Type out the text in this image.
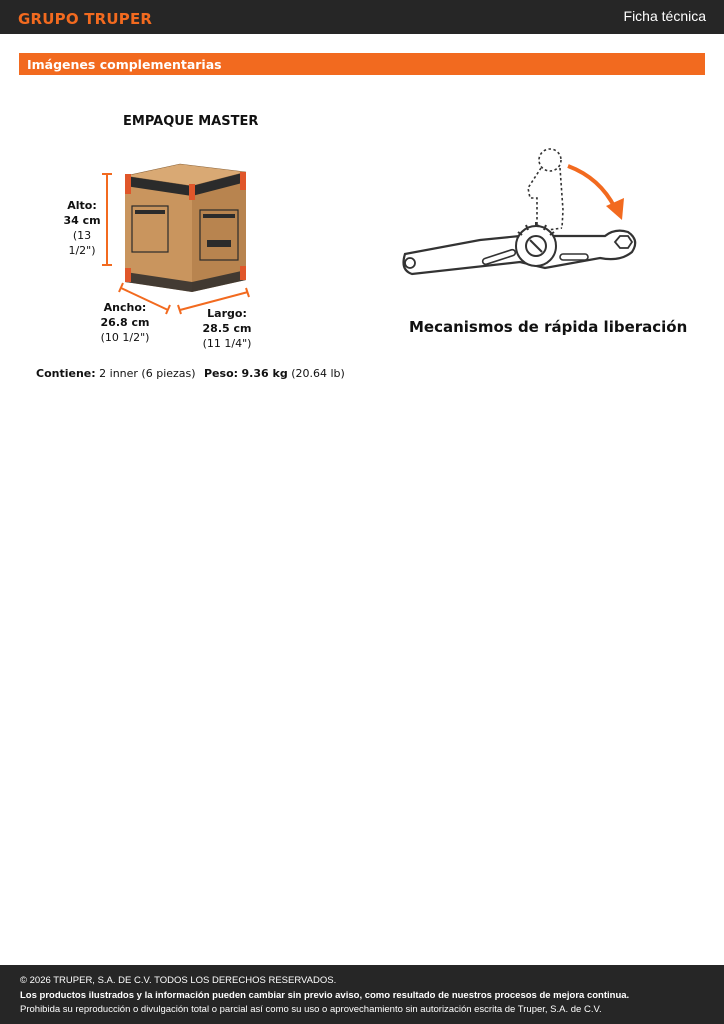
GRUPO TRUPER	Ficha técnica
Imágenes complementarias
EMPAQUE MASTER
Alto:
34 cm
(13 1/2")
Ancho:
26.8 cm
(10 1/2")
Largo:
28.5 cm
(11 1/4")
Contiene: 2 inner (6 piezas) Peso: 9.36 kg (20.64 lb)
Mecanismos de rápida liberación
© 2026 TRUPER, S.A. DE C.V. TODOS LOS DERECHOS RESERVADOS.
Los productos ilustrados y la información pueden cambiar sin previo aviso, como resultado de nuestros procesos de mejora continua.
Prohibida su reproducción o divulgación total o parcial así como su uso o aprovechamiento sin autorización escrita de Truper, S.A. de C.V.
